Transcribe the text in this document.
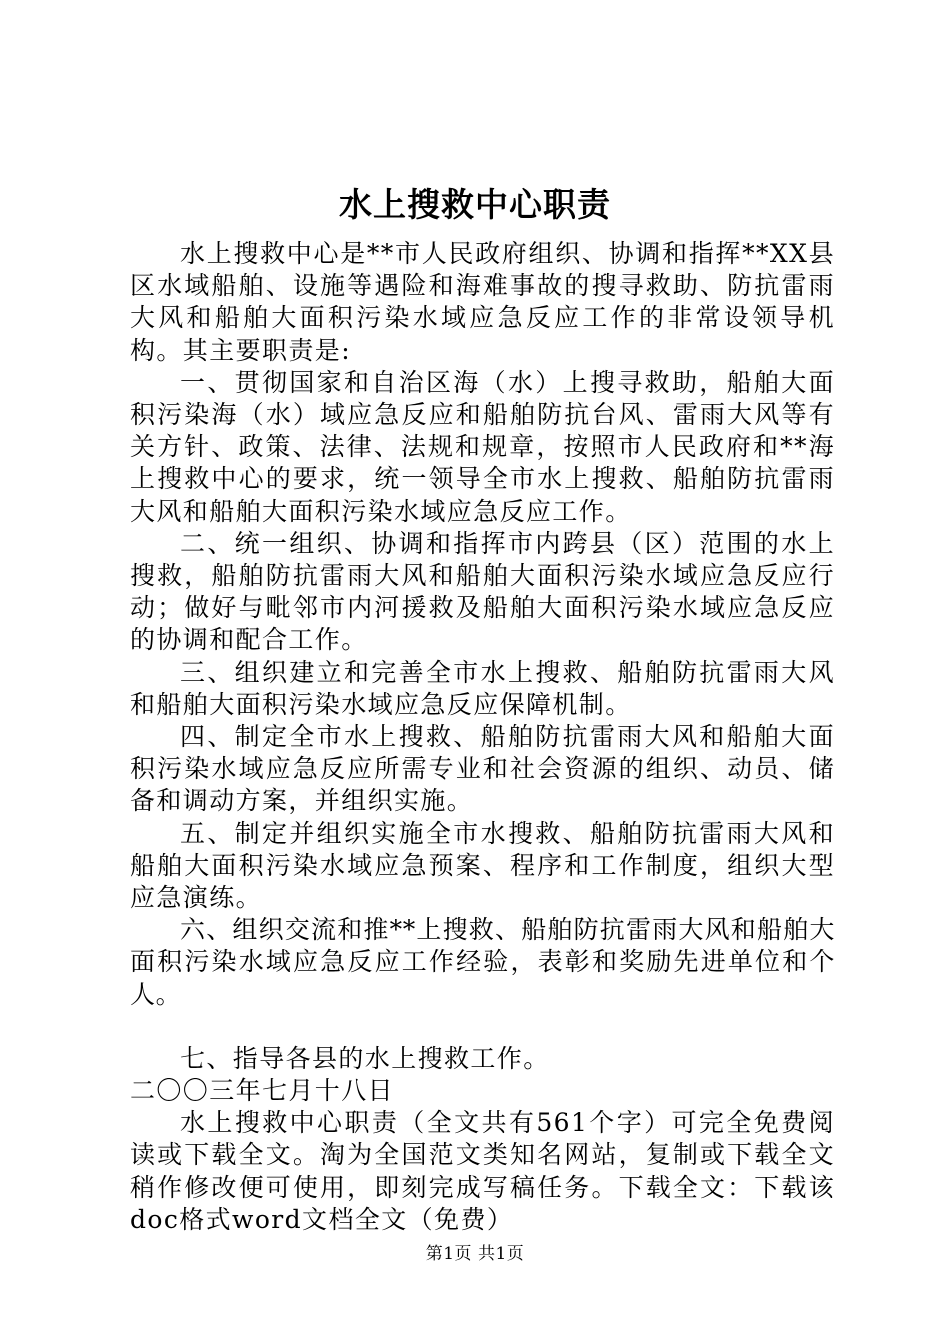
水上搜救中心职责

水上搜救中心是**市人民政府组织、协调和指挥**XX县区水域船舶、设施等遇险和海难事故的搜寻救助、防抗雷雨大风和船舶大面积污染水域应急反应工作的非常设领导机构。其主要职责是:

一、贯彻国家和自治区海（水）上搜寻救助，船舶大面积污染海（水）域应急反应和船舶防抗台风、雷雨大风等有关方针、政策、法律、法规和规章，按照市人民政府和**海上搜救中心的要求，统一领导全市水上搜救、船舶防抗雷雨大风和船舶大面积污染水域应急反应工作。

二、统一组织、协调和指挥市内跨县（区）范围的水上搜救，船舶防抗雷雨大风和船舶大面积污染水域应急反应行动；做好与毗邻市内河援救及船舶大面积污染水域应急反应的协调和配合工作。

三、组织建立和完善全市水上搜救、船舶防抗雷雨大风和船舶大面积污染水域应急反应保障机制。

四、制定全市水上搜救、船舶防抗雷雨大风和船舶大面积污染水域应急反应所需专业和社会资源的组织、动员、储备和调动方案，并组织实施。

五、制定并组织实施全市水搜救、船舶防抗雷雨大风和船舶大面积污染水域应急预案、程序和工作制度，组织大型应急演练。

六、组织交流和推**上搜救、船舶防抗雷雨大风和船舶大面积污染水域应急反应工作经验，表彰和奖励先进单位和个人。

七、指导各县的水上搜救工作。

二〇〇三年七月十八日

水上搜救中心职责（全文共有561个字）可完全免费阅读或下载全文。淘为全国范文类知名网站，复制或下载全文稍作修改便可使用，即刻完成写稿任务。下载全文：下载该doc格式word文档全文（免费）

第1页 共1页
